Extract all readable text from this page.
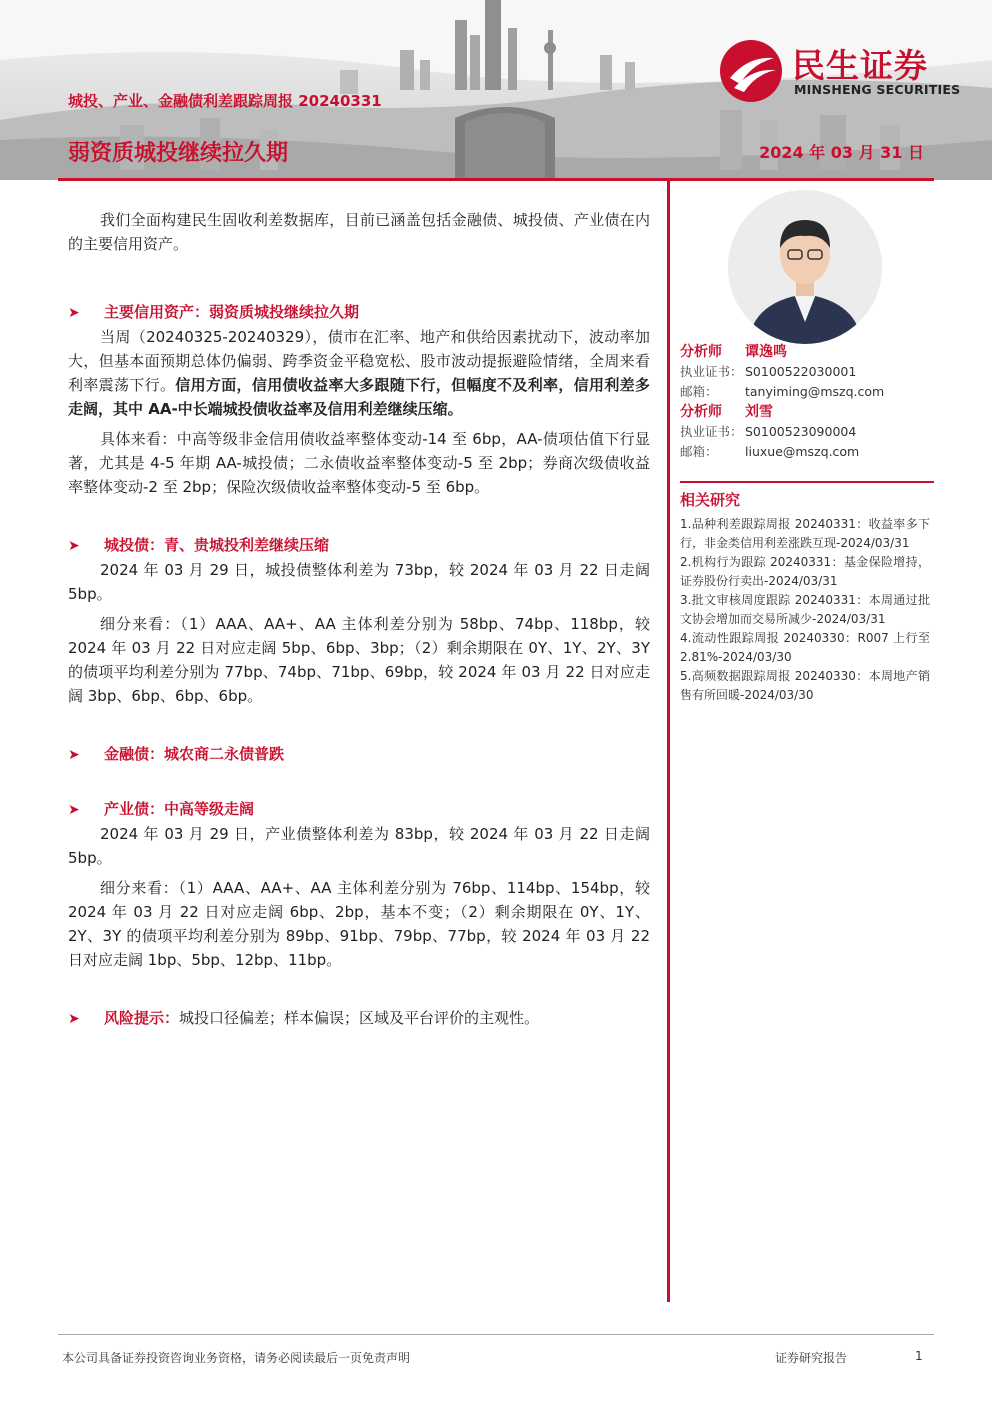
城投、产业、金融债利差跟踪周报 20240331
弱资质城投继续拉久期	2024 年 03 月 31 日
民生证券
MINSHENG SECURITIES

我们全面构建民生固收利差数据库，目前已涵盖包括金融债、城投债、产业债在内的主要信用资产。

➤	主要信用资产：弱资质城投继续拉久期

当周（20240325-20240329），债市在汇率、地产和供给因素扰动下，波动率加大，但基本面预期总体仍偏弱、跨季资金平稳宽松、股市波动提振避险情绪，全周来看利率震荡下行。信用方面，信用债收益率大多跟随下行，但幅度不及利率，信用利差多走阔，其中 AA-中长端城投债收益率及信用利差继续压缩。

具体来看：中高等级非金信用债收益率整体变动-14 至 6bp，AA-债项估值下行显著，尤其是 4-5 年期 AA-城投债；二永债收益率整体变动-5 至 2bp；券商次级债收益率整体变动-2 至 2bp；保险次级债收益率整体变动-5 至 6bp。

➤	城投债：青、贵城投利差继续压缩

2024 年 03 月 29 日，城投债整体利差为 73bp，较 2024 年 03 月 22 日走阔 5bp。

细分来看：（1）AAA、AA+、AA 主体利差分别为 58bp、74bp、118bp，较 2024 年 03 月 22 日对应走阔 5bp、6bp、3bp；（2）剩余期限在 0Y、1Y、2Y、3Y 的债项平均利差分别为 77bp、74bp、71bp、69bp，较 2024 年 03 月 22 日对应走阔 3bp、6bp、6bp、6bp。

➤	金融债：城农商二永债普跌
➤	产业债：中高等级走阔

2024 年 03 月 29 日，产业债整体利差为 83bp，较 2024 年 03 月 22 日走阔 5bp。

细分来看：（1）AAA、AA+、AA 主体利差分别为 76bp、114bp、154bp，较 2024 年 03 月 22 日对应走阔 6bp、2bp，基本不变；（2）剩余期限在 0Y、1Y、2Y、3Y 的债项平均利差分别为 89bp、91bp、79bp、77bp，较 2024 年 03 月 22 日对应走阔 1bp、5bp、12bp、11bp。

➤	风险提示： 城投口径偏差；样本偏误；区域及平台评价的主观性。
分析师	谭逸鸣
执业证书： S0100522030001
邮箱：	tanyiming@mszq.com
分析师	刘雪
执业证书： S0100523090004
邮箱：	liuxue@mszq.com
相关研究

1.品种利差跟踪周报 20240331：收益率多下行，非金类信用利差涨跌互现-2024/03/31

2.机构行为跟踪 20240331：基金保险增持，证券股份行卖出-2024/03/31

3.批文审核周度跟踪 20240331：本周通过批文协会增加而交易所减少-2024/03/31

4.流动性跟踪周报 20240330：R007 上行至 2.81%-2024/03/30

5.高频数据跟踪周报 20240330：本周地产销售有所回暖-2024/03/30

本公司具备证券投资咨询业务资格，请务必阅读最后一页免责声明	证券研究报告	1
